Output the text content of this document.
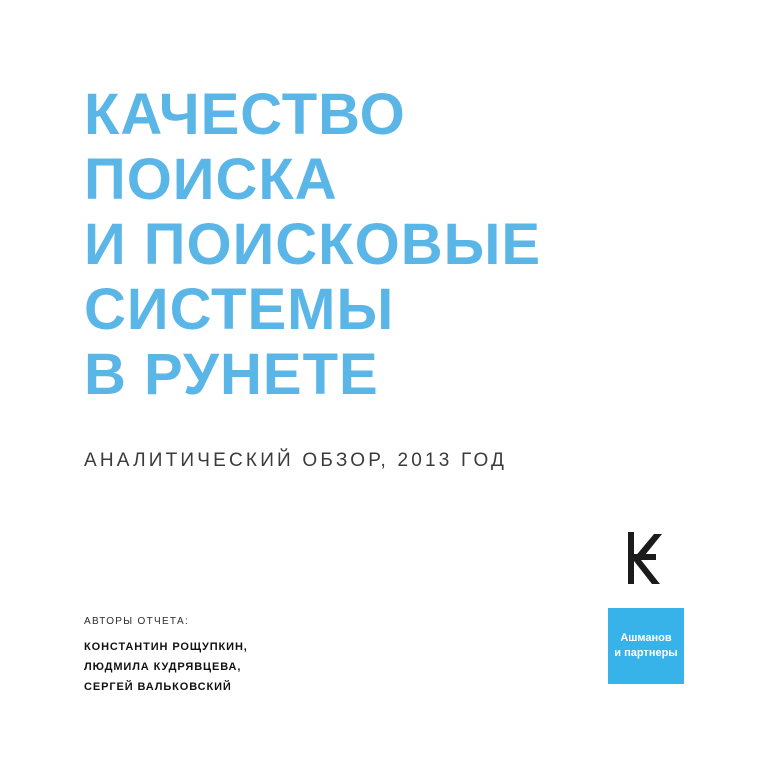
КАЧЕСТВО
ПОИСКА
И ПОИСКОВЫЕ
СИСТЕМЫ
В РУНЕТЕ
АНАЛИТИЧЕСКИЙ ОБЗОР, 2013 ГОД
АВТОРЫ ОТЧЕТА:
КОНСТАНТИН РОЩУПКИН,
ЛЮДМИЛА КУДРЯВЦЕВА,
СЕРГЕЙ ВАЛЬКОВСКИЙ
Ашманов
и партнеры
